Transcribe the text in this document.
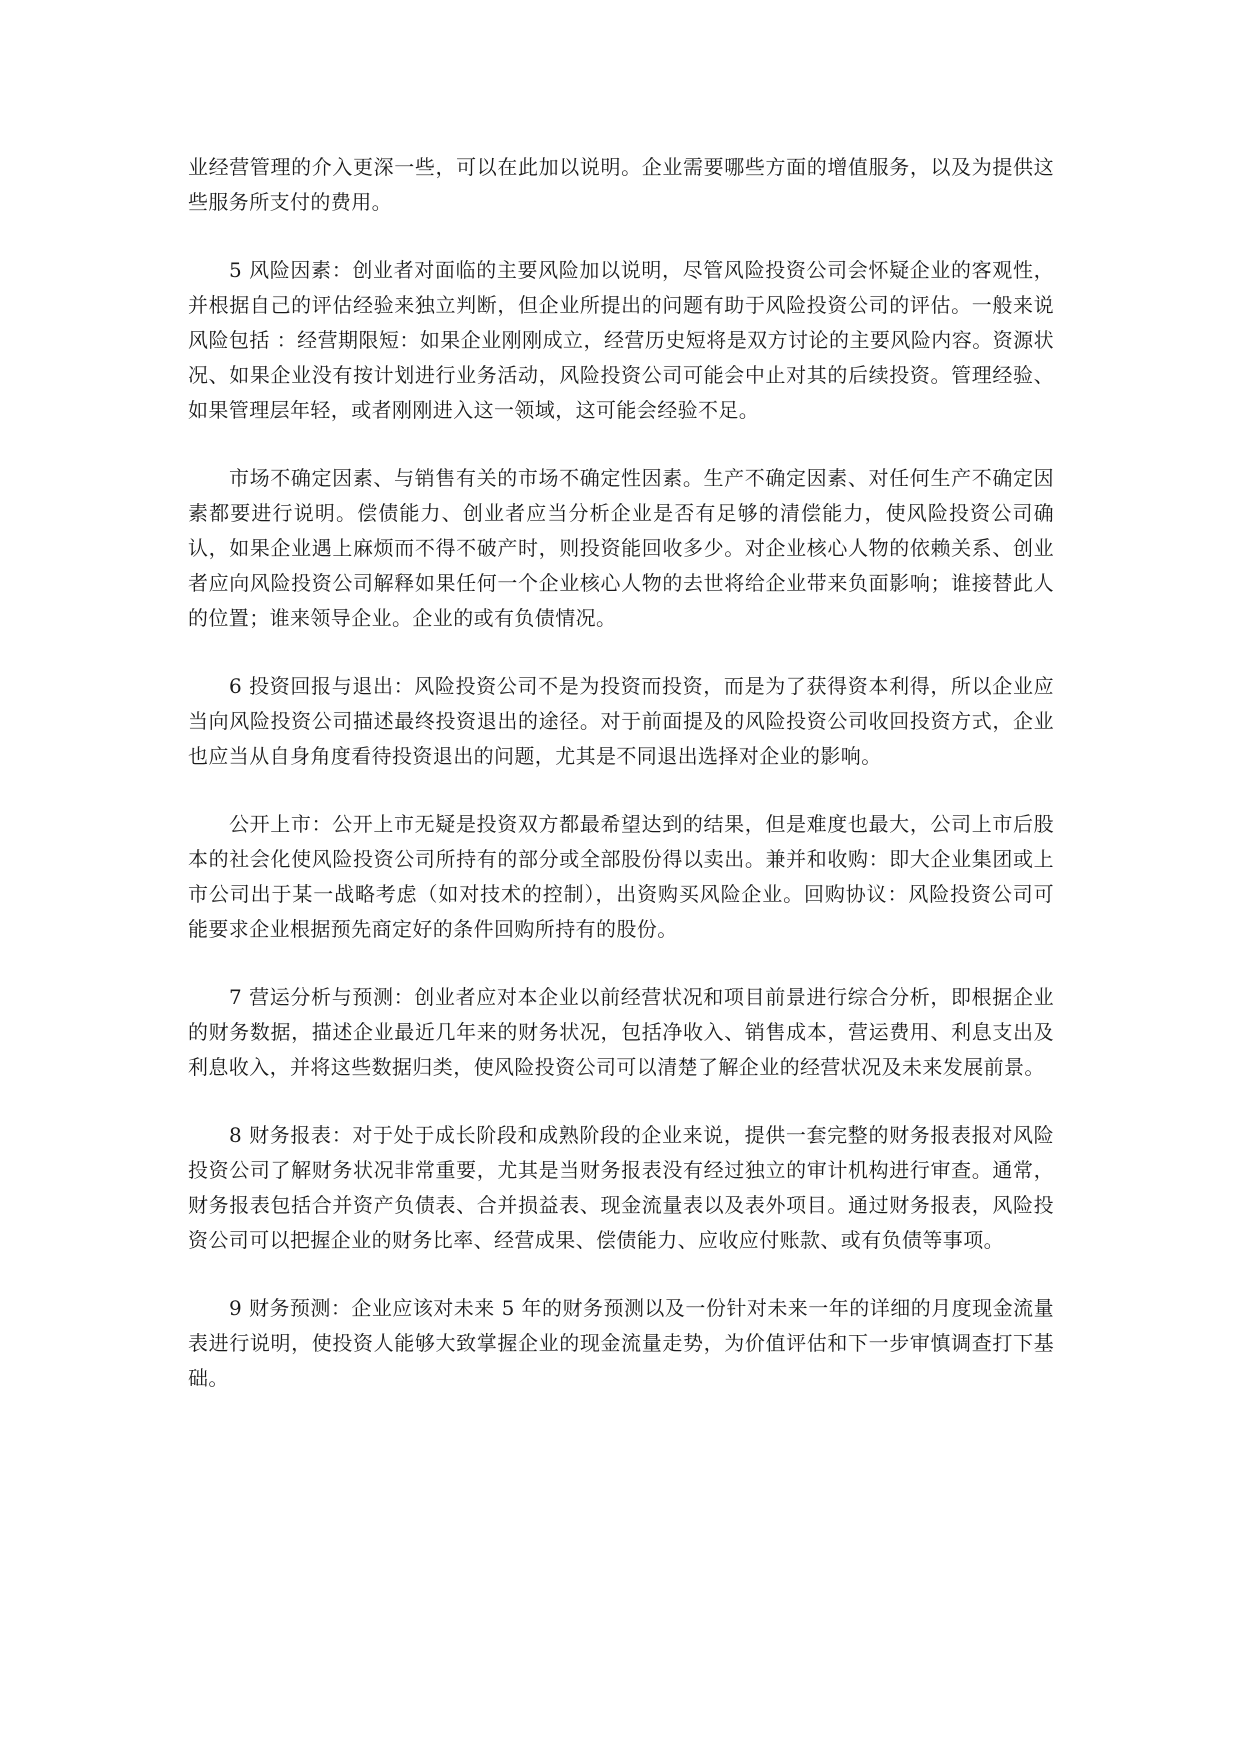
业经营管理的介入更深一些，可以在此加以说明。企业需要哪些方面的增值服务，以及为提供这些服务所支付的费用。

5 风险因素：创业者对面临的主要风险加以说明，尽管风险投资公司会怀疑企业的客观性，并根据自己的评估经验来独立判断，但企业所提出的问题有助于风险投资公司的评估。一般来说风险包括 ：经营期限短：如果企业刚刚成立，经营历史短将是双方讨论的主要风险内容。资源状况、如果企业没有按计划进行业务活动，风险投资公司可能会中止对其的后续投资。管理经验、如果管理层年轻，或者刚刚进入这一领域，这可能会经验不足。

市场不确定因素、与销售有关的市场不确定性因素。生产不确定因素、对任何生产不确定因素都要进行说明。偿债能力、创业者应当分析企业是否有足够的清偿能力，使风险投资公司确认，如果企业遇上麻烦而不得不破产时，则投资能回收多少。对企业核心人物的依赖关系、创业者应向风险投资公司解释如果任何一个企业核心人物的去世将给企业带来负面影响；谁接替此人的位置；谁来领导企业。企业的或有负债情况。

6 投资回报与退出：风险投资公司不是为投资而投资，而是为了获得资本利得，所以企业应当向风险投资公司描述最终投资退出的途径。对于前面提及的风险投资公司收回投资方式，企业也应当从自身角度看待投资退出的问题，尤其是不同退出选择对企业的影响。

公开上市：公开上市无疑是投资双方都最希望达到的结果，但是难度也最大，公司上市后股本的社会化使风险投资公司所持有的部分或全部股份得以卖出。兼并和收购：即大企业集团或上市公司出于某一战略考虑（如对技术的控制），出资购买风险企业。回购协议：风险投资公司可能要求企业根据预先商定好的条件回购所持有的股份。

7 营运分析与预测：创业者应对本企业以前经营状况和项目前景进行综合分析，即根据企业的财务数据，描述企业最近几年来的财务状况，包括净收入、销售成本，营运费用、利息支出及利息收入，并将这些数据归类，使风险投资公司可以清楚了解企业的经营状况及未来发展前景。

8 财务报表：对于处于成长阶段和成熟阶段的企业来说，提供一套完整的财务报表报对风险投资公司了解财务状况非常重要，尤其是当财务报表没有经过独立的审计机构进行审查。通常，财务报表包括合并资产负债表、合并损益表、现金流量表以及表外项目。通过财务报表，风险投资公司可以把握企业的财务比率、经营成果、偿债能力、应收应付账款、或有负债等事项。

9 财务预测：企业应该对未来 5 年的财务预测以及一份针对未来一年的详细的月度现金流量表进行说明，使投资人能够大致掌握企业的现金流量走势，为价值评估和下一步审慎调查打下基础。
